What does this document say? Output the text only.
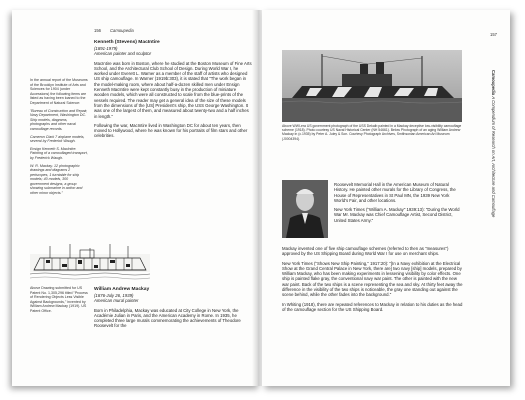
156 Camoupedia

In the annual report of the Museums of the Brooklyn Institute of Arts and Sciences for 1904 (under Accessions) the following items are listed as having been loaned to the Department of Natural Science:

"Bureau of Construction and Repair, Navy Department, Washington DC. Ship models, diagrams, photographs and other naval camouflage records.

Cameron Clark 7 airplane models, several by Frederick Waugh.

Ensign Kenneth S. MacIntire. Painting of a camouflaged transport, by Frederick Waugh.

W. R. Mackay. 12 photographic drawings and diagrams 2 periscopes, 1 turntable for ship models; 40 models, 300 government designs, a group showing submarine in action and other minor objects."

Kenneth (Stevens) MacIntire
(1891-1979)
American painter and sculptor

MacIntire was born in Boston, where he studied at the Boston Museum of Fine Arts School, and the Architectural Club School of Design. During World War I, he worked under Everett L. Warner as a member of the staff of artists who designed US ship camouflage. In Warner (1919b:303), it is stated that "The work began in the model-making room, where about half-a-dozen skilled men under Ensign Kenneth MacIntire were kept constantly busy in the production of miniature wooden models, which were all constructed to scale from the blue-prints of the vessels required. The reader may get a general idea of the size of these models from the dimensions of the [US] President's ship, the USS George Washington. It was one of the largest of them, and measured about twenty-two and a half inches in length."

Following the war, MacIntire lived in Washington DC for about ten years, then moved to Hollywood, where he was known for his portraits of film stars and other celebrities.

Above Drawing submitted for US Patent No. 1,305,296 titled "Process of Rendering Objects Less Visible Against Backgrounds," invented by William Andrew Mackay (1919). US Patent Office.
William Andrew Mackay
(1876-July 26, 1939)
American mural painter

Born in Philadelphia, Mackay was educated at City College in New York, the Académie Julian in Paris, and the American Academy in Rome. In 1935, he completed three large murals commemorating the achievements of Theodore Roosevelt for the

157
Above WWI-era US government photograph of the USS Dekalb painted in a Mackay deceptive low-visibility camouflage scheme (1918). Photo courtesy US Naval Historical Center (NH 54661). Below Photograph of an aging William Andrew Mackay in (c.1935) by Peter A. Juley & Son. Courtesy Photograph Archives, Smithsonian American Art Museum (J0004394).

Roosevelt Memorial Hall in the American Museum of Natural History. He painted other murals for the Library of Congress, the House of Representatives in St Paul MN, the 1939 New York World's Fair, and other locations.

New York Times ("William A. Mackay" 1939:13): "During the World War Mr. Mackay was Chief Camouflage Artist, Second District, United States Army."

Mackay invented one of five ship camouflage schemes (referred to then as "measures") approved by the US Shipping Board during World War I for use on merchant ships.

New York Times ("Shows New Ship Painting," 1917:20): "[In a Navy exhibition at the Electrical Show at the Grand Central Palace in New York, there are] two navy [ship] models, prepared by William Mackay, who has been making experiments in lessening visibility by color effects. One ship is painted flake gray, the conventional navy war paint. The other is painted with the new war paint. Back of the two ships is a scene representing the sea and sky. At thirty feet away the difference in the visibility of the two ships is noticeable, the gray one standing out against the scene behind, while the other fades into the background."

In Whiting (1918), there are repeated references to Mackay in relation to his duties as the head of the camouflage section for the US Shipping Board.

Camoupedia A Compendium of Research on Art, Architecture and Camouflage
